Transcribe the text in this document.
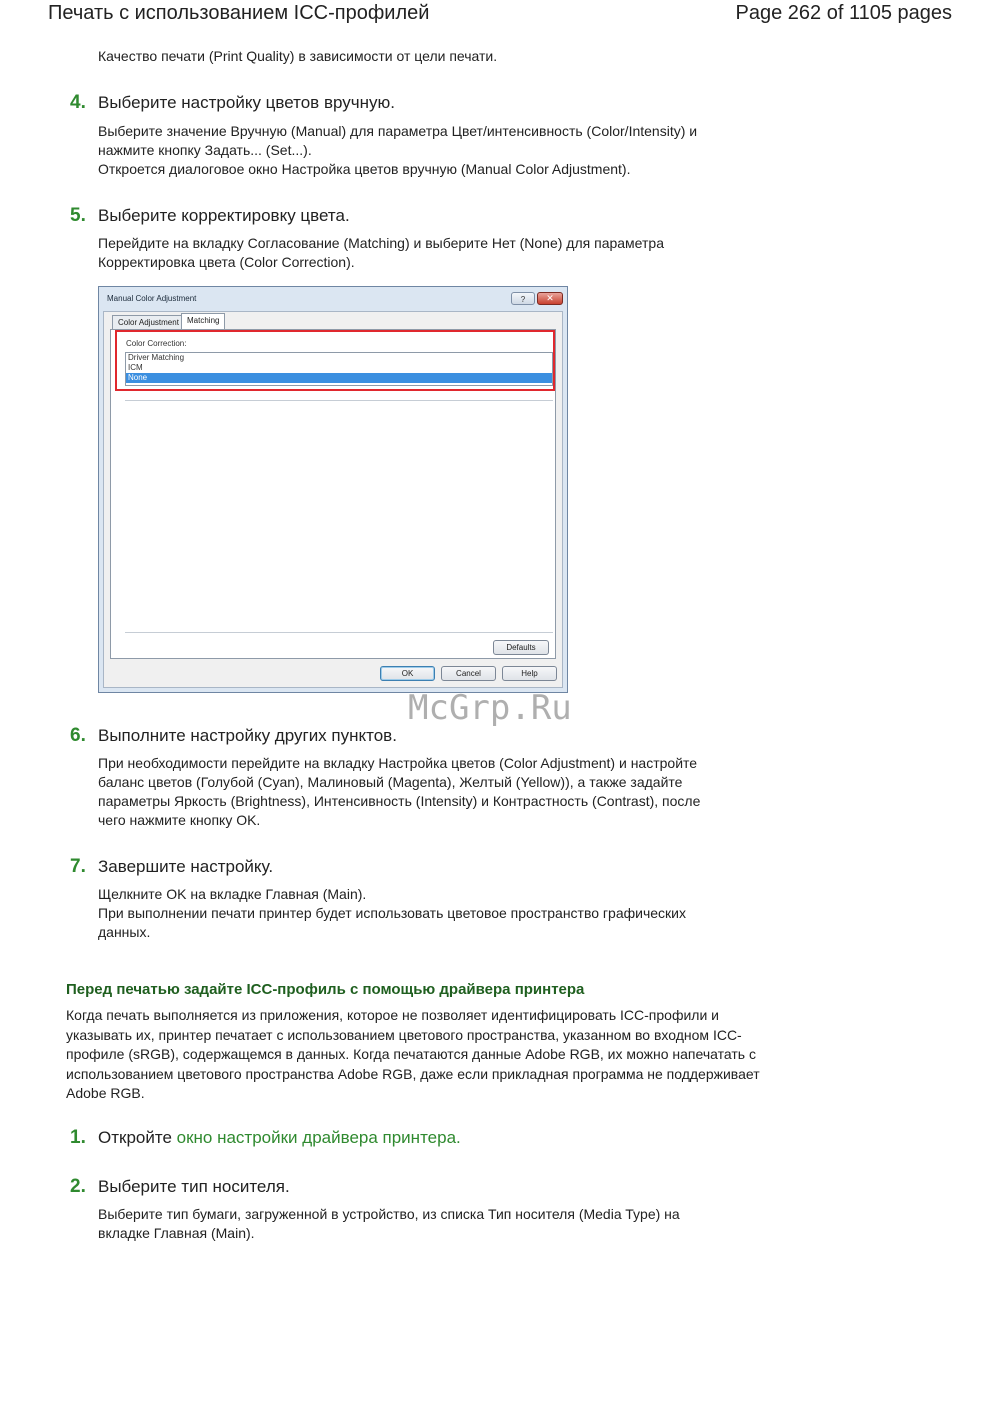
Печать с использованием ICC-профилей	Page 262 of 1105 pages

Качество печати (Print Quality) в зависимости от цели печати.

4. Выберите настройку цветов вручную.

Выберите значение Вручную (Manual) для параметра Цвет/интенсивность (Color/Intensity) и

нажмите кнопку Задать... (Set...).

Откроется диалоговое окно Настройка цветов вручную (Manual Color Adjustment).

5. Выберите корректировку цвета.

Перейдите на вкладку Согласование (Matching) и выберите Нет (None) для параметра

Корректировка цвета (Color Correction).

Manual Color Adjustment	?	✕
Color Adjustment	Matching
Color Correction:
Driver Matching
ICM
None
Defaults
OK	Cancel	Help
McGrp.Ru
6. Выполните настройку других пунктов.

При необходимости перейдите на вкладку Настройка цветов (Color Adjustment) и настройте

баланс цветов (Голубой (Cyan), Малиновый (Magenta), Желтый (Yellow)), а также задайте

параметры Яркость (Brightness), Интенсивность (Intensity) и Контрастность (Contrast), после

чего нажмите кнопку OK.

7. Завершите настройку.

Щелкните OK на вкладке Главная (Main).

При выполнении печати принтер будет использовать цветовое пространство графических

данных.

Перед печатью задайте ICC-профиль с помощью драйвера принтера
Когда печать выполняется из приложения, которое не позволяет идентифицировать ICC-профили и указывать их, принтер печатает с использованием цветового пространства, указанном во входном ICC-профиле (sRGB), содержащемся в данных. Когда печатаются данные Adobe RGB, их можно напечатать с использованием цветового пространства Adobe RGB, даже если прикладная программа не поддерживает Adobe RGB.
1. Откройте окно настройки драйвера принтера.
2. Выберите тип носителя.

Выберите тип бумаги, загруженной в устройство, из списка Тип носителя (Media Type) на

вкладке Главная (Main).
